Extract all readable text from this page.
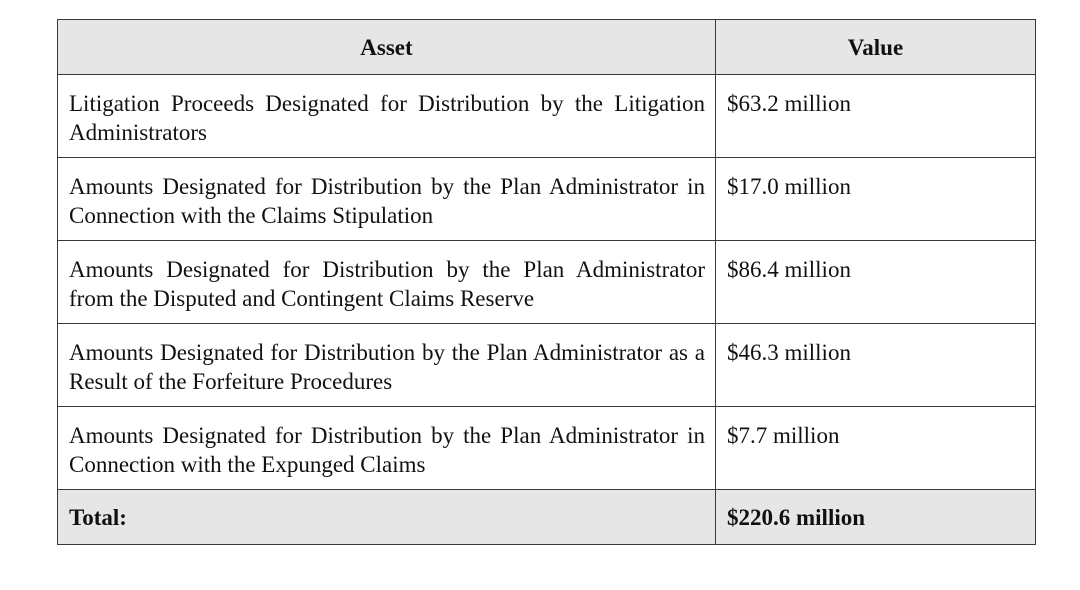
Asset	Value
Litigation Proceeds Designated for Distribution by the Litigation Administrators	$63.2 million
Amounts Designated for Distribution by the Plan Administrator in Connection with the Claims Stipulation	$17.0 million
Amounts Designated for Distribution by the Plan Administrator from the Disputed and Contingent Claims Reserve	$86.4 million
Amounts Designated for Distribution by the Plan Administrator as a Result of the Forfeiture Procedures	$46.3 million
Amounts Designated for Distribution by the Plan Administrator in Connection with the Expunged Claims	$7.7 million
Total:	$220.6 million
